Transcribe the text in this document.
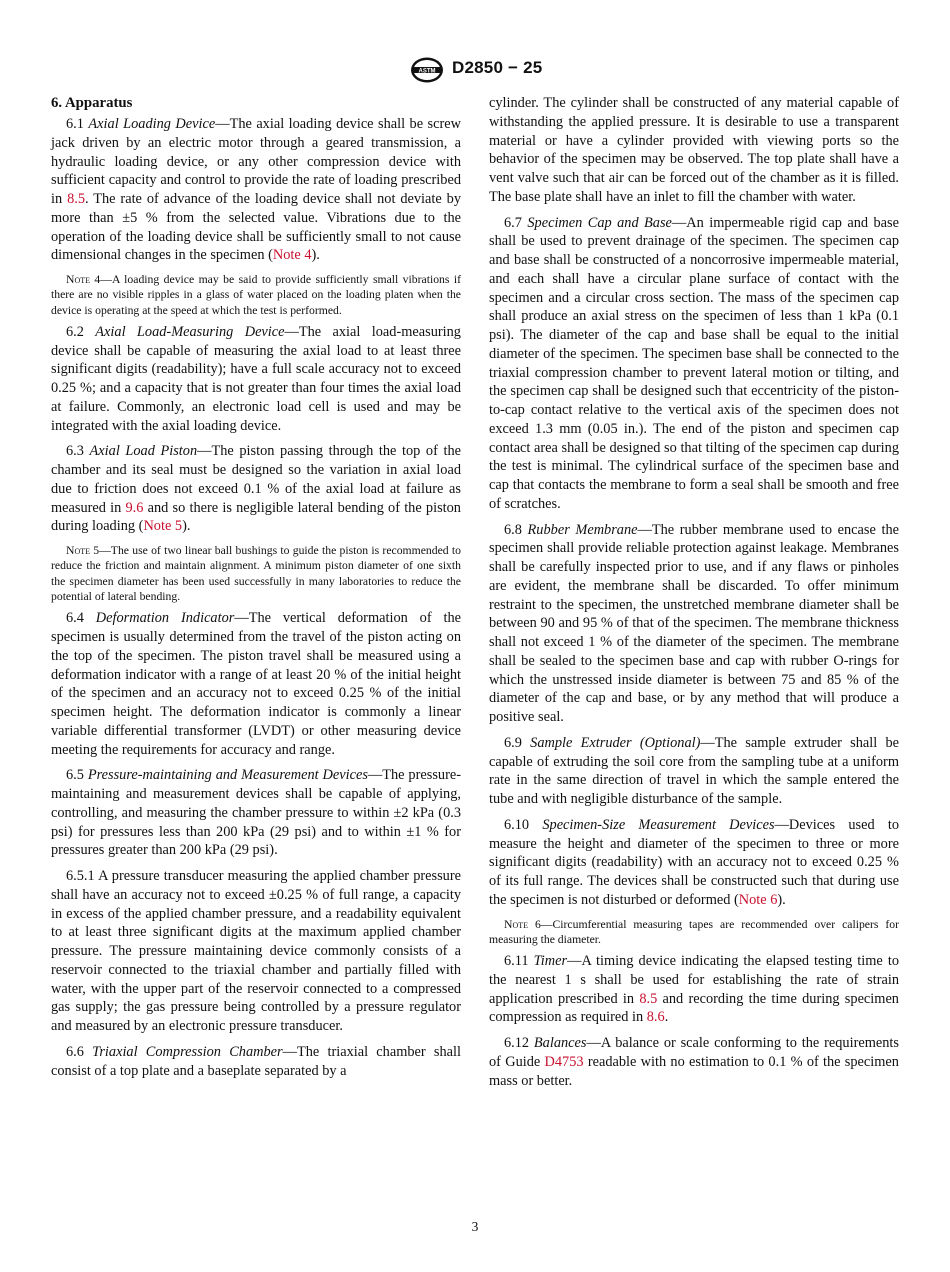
ASTM D2850 − 25
6. Apparatus

6.1 Axial Loading Device—The axial loading device shall be screw jack driven by an electric motor through a geared transmission, a hydraulic loading device, or any other compression device with sufficient capacity and control to provide the rate of loading prescribed in 8.5. The rate of advance of the loading device shall not deviate by more than ±5 % from the selected value. Vibrations due to the operation of the loading device shall be sufficiently small to not cause dimensional changes in the specimen (Note 4).

Note 4—A loading device may be said to provide sufficiently small vibrations if there are no visible ripples in a glass of water placed on the loading platen when the device is operating at the speed at which the test is performed.

6.2 Axial Load-Measuring Device—The axial load-measuring device shall be capable of measuring the axial load to at least three significant digits (readability); have a full scale accuracy not to exceed 0.25 %; and a capacity that is not greater than four times the axial load at failure. Commonly, an electronic load cell is used and may be integrated with the axial loading device.

6.3 Axial Load Piston—The piston passing through the top of the chamber and its seal must be designed so the variation in axial load due to friction does not exceed 0.1 % of the axial load at failure as measured in 9.6 and so there is negligible lateral bending of the piston during loading (Note 5).

Note 5—The use of two linear ball bushings to guide the piston is recommended to reduce the friction and maintain alignment. A minimum piston diameter of one sixth the specimen diameter has been used successfully in many laboratories to reduce the potential of lateral bending.

6.4 Deformation Indicator—The vertical deformation of the specimen is usually determined from the travel of the piston acting on the top of the specimen. The piston travel shall be measured using a deformation indicator with a range of at least 20 % of the initial height of the specimen and an accuracy not to exceed 0.25 % of the initial specimen height. The deformation indicator is commonly a linear variable differential transformer (LVDT) or other measuring device meeting the requirements for accuracy and range.

6.5 Pressure-maintaining and Measurement Devices—The pressure-maintaining and measurement devices shall be capable of applying, controlling, and measuring the chamber pressure to within ±2 kPa (0.3 psi) for pressures less than 200 kPa (29 psi) and to within ±1 % for pressures greater than 200 kPa (29 psi).

6.5.1 A pressure transducer measuring the applied chamber pressure shall have an accuracy not to exceed ±0.25 % of full range, a capacity in excess of the applied chamber pressure, and a readability equivalent to at least three significant digits at the maximum applied chamber pressure. The pressure maintaining device commonly consists of a reservoir connected to the triaxial chamber and partially filled with water, with the upper part of the reservoir connected to a compressed gas supply; the gas pressure being controlled by a pressure regulator and measured by an electronic pressure transducer.

6.6 Triaxial Compression Chamber—The triaxial chamber shall consist of a top plate and a baseplate separated by a

cylinder. The cylinder shall be constructed of any material capable of withstanding the applied pressure. It is desirable to use a transparent material or have a cylinder provided with viewing ports so the behavior of the specimen may be observed. The top plate shall have a vent valve such that air can be forced out of the chamber as it is filled. The base plate shall have an inlet to fill the chamber with water.

6.7 Specimen Cap and Base—An impermeable rigid cap and base shall be used to prevent drainage of the specimen. The specimen cap and base shall be constructed of a noncorrosive impermeable material, and each shall have a circular plane surface of contact with the specimen and a circular cross section. The mass of the specimen cap shall produce an axial stress on the specimen of less than 1 kPa (0.1 psi). The diameter of the cap and base shall be equal to the initial diameter of the specimen. The specimen base shall be connected to the triaxial compression chamber to prevent lateral motion or tilting, and the specimen cap shall be designed such that eccentricity of the piston-to-cap contact relative to the vertical axis of the specimen does not exceed 1.3 mm (0.05 in.). The end of the piston and specimen cap contact area shall be designed so that tilting of the specimen cap during the test is minimal. The cylindrical surface of the specimen base and cap that contacts the membrane to form a seal shall be smooth and free of scratches.

6.8 Rubber Membrane—The rubber membrane used to encase the specimen shall provide reliable protection against leakage. Membranes shall be carefully inspected prior to use, and if any flaws or pinholes are evident, the membrane shall be discarded. To offer minimum restraint to the specimen, the unstretched membrane diameter shall be between 90 and 95 % of that of the specimen. The membrane thickness shall not exceed 1 % of the diameter of the specimen. The membrane shall be sealed to the specimen base and cap with rubber O-rings for which the unstressed inside diameter is between 75 and 85 % of the diameter of the cap and base, or by any method that will produce a positive seal.

6.9 Sample Extruder (Optional)—The sample extruder shall be capable of extruding the soil core from the sampling tube at a uniform rate in the same direction of travel in which the sample entered the tube and with negligible disturbance of the sample.

6.10 Specimen-Size Measurement Devices—Devices used to measure the height and diameter of the specimen to three or more significant digits (readability) with an accuracy not to exceed 0.25 % of its full range. The devices shall be constructed such that during use the specimen is not disturbed or deformed (Note 6).

Note 6—Circumferential measuring tapes are recommended over calipers for measuring the diameter.

6.11 Timer—A timing device indicating the elapsed testing time to the nearest 1 s shall be used for establishing the rate of strain application prescribed in 8.5 and recording the time during specimen compression as required in 8.6.

6.12 Balances—A balance or scale conforming to the requirements of Guide D4753 readable with no estimation to 0.1 % of the specimen mass or better.

3
